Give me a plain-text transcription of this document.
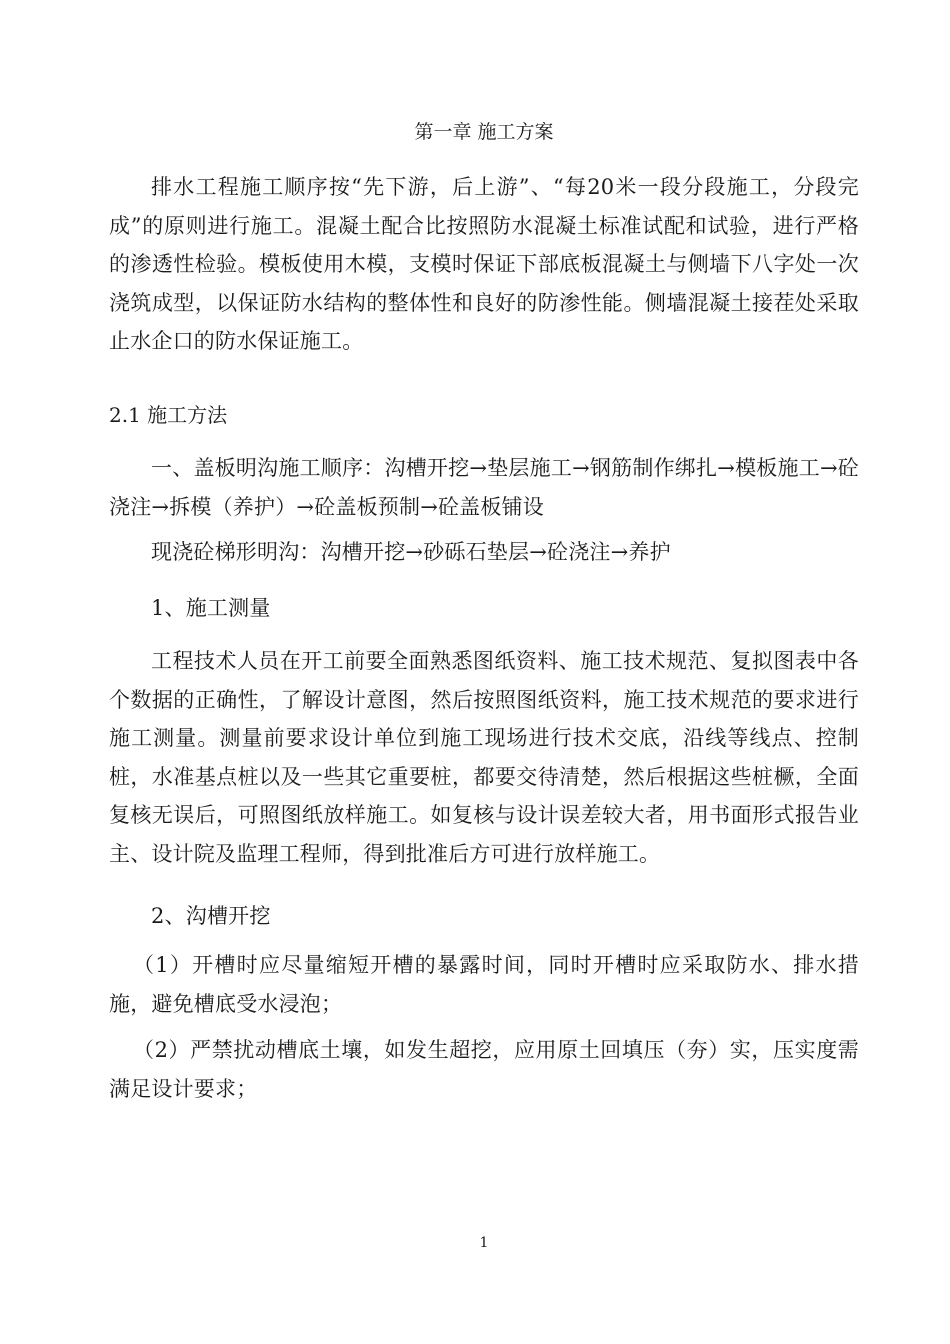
第一章 施工方案

排水工程施工顺序按“先下游，后上游”、“每20米一段分段施工，分段完成”的原则进行施工。混凝土配合比按照防水混凝土标准试配和试验，进行严格的渗透性检验。模板使用木模，支模时保证下部底板混凝土与侧墙下八字处一次浇筑成型，以保证防水结构的整体性和良好的防渗性能。侧墙混凝土接茬处采取止水企口的防水保证施工。

2.1 施工方法

一、盖板明沟施工顺序：沟槽开挖→垫层施工→钢筋制作绑扎→模板施工→砼浇注→拆模（养护）→砼盖板预制→砼盖板铺设

现浇砼梯形明沟：沟槽开挖→砂砾石垫层→砼浇注→养护

1、施工测量

工程技术人员在开工前要全面熟悉图纸资料、施工技术规范、复拟图表中各个数据的正确性，了解设计意图，然后按照图纸资料，施工技术规范的要求进行施工测量。测量前要求设计单位到施工现场进行技术交底，沿线等线点、控制桩，水准基点桩以及一些其它重要桩，都要交待清楚，然后根据这些桩橛，全面复核无误后，可照图纸放样施工。如复核与设计误差较大者，用书面形式报告业主、设计院及监理工程师，得到批准后方可进行放样施工。

2、沟槽开挖

（1）开槽时应尽量缩短开槽的暴露时间，同时开槽时应采取防水、排水措施，避免槽底受水浸泡；

（2）严禁扰动槽底土壤，如发生超挖，应用原土回填压（夯）实，压实度需满足设计要求；

1
